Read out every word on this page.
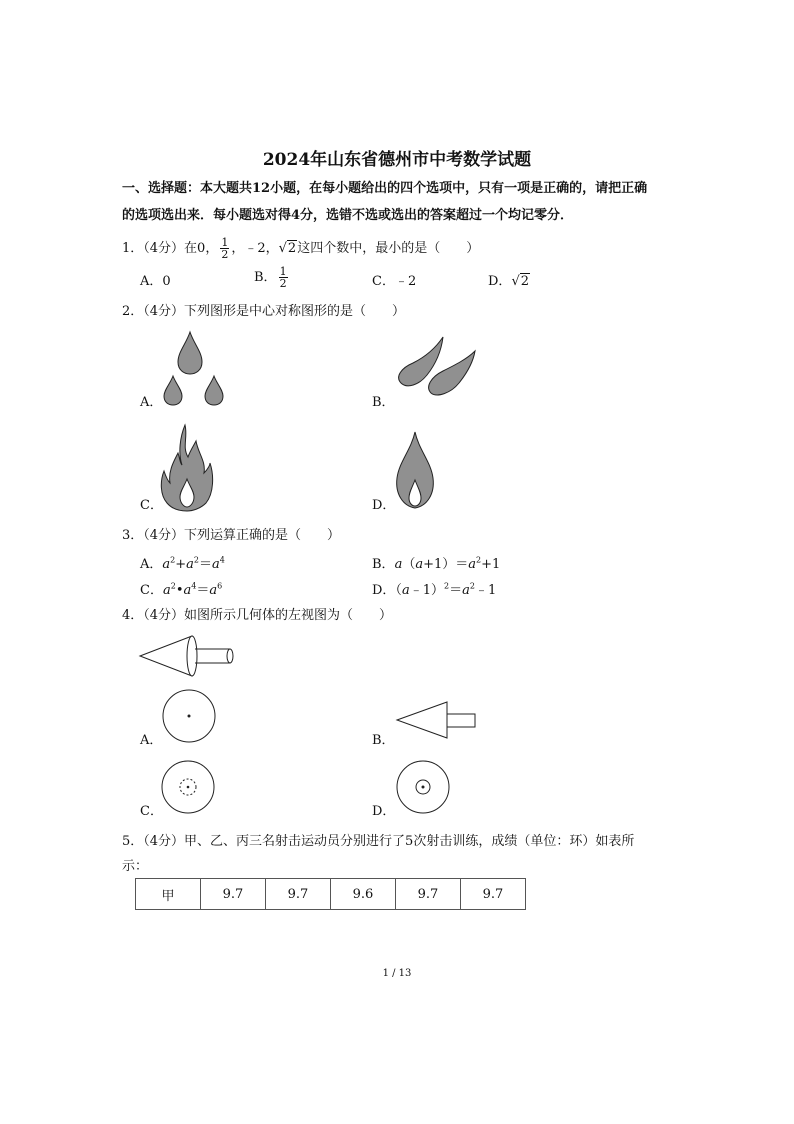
2024年山东省德州市中考数学试题
一、选择题：本大题共12小题，在每小题给出的四个选项中，只有一项是正确的，请把正确
的选项选出来．每小题选对得4分，选错不选或选出的答案超过一个均记零分．
1．（4分）在0， $\frac{1}{2}$ ，﹣2，√2这四个数中，最小的是（　　）
A．0	B． $\frac{1}{2}$	C．﹣2	D．√2
2．（4分）下列图形是中心对称图形的是（　　）
A．	B．
C．	D．
3．（4分）下列运算正确的是（　　）
A．$a^2+a^2=a^4$	B．$a(a+1)=a^2+1$
C．$a^2•a^4=a^6$	D．$(a﹣1)^2=a^2﹣1$
4．（4分）如图所示几何体的左视图为（　　）
A．	B．
C．	D．
5．（4分）甲、乙、丙三名射击运动员分别进行了5次射击训练，成绩（单位：环）如表所
示：
甲	9.7	9.7	9.6	9.7	9.7
1 / 13
